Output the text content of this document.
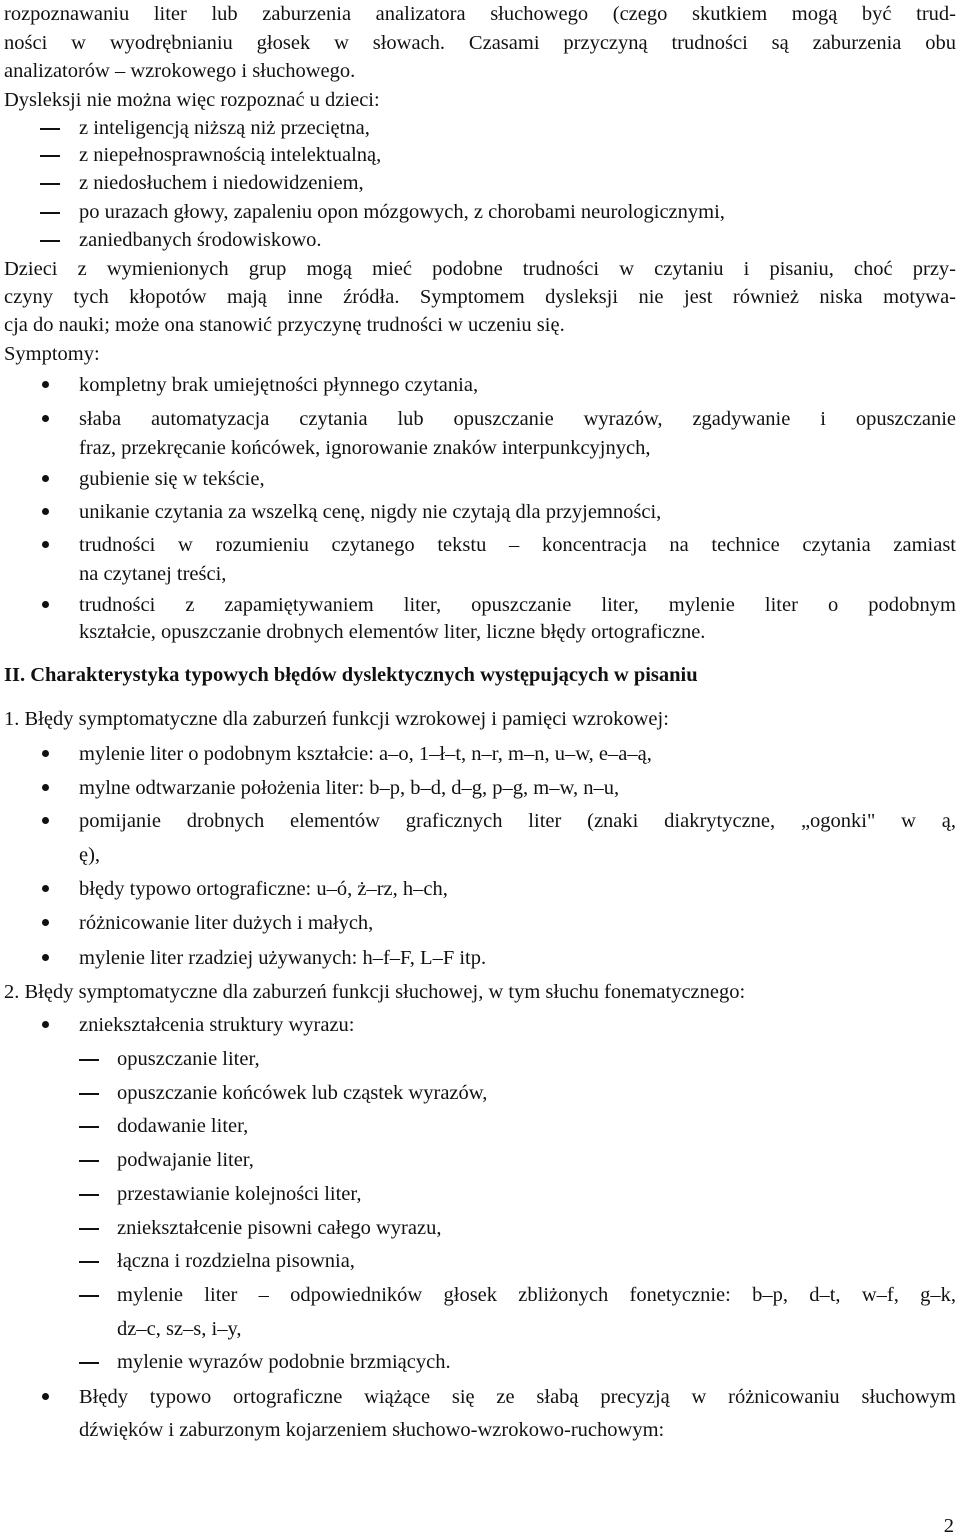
rozpoznawaniu liter lub zaburzenia analizatora słuchowego (czego skutkiem mogą być trud-
ności w wyodrębnianiu głosek w słowach. Czasami przyczyną trudności są zaburzenia obu
analizatorów – wzrokowego i słuchowego.
Dysleksji nie można więc rozpoznać u dzieci:
z inteligencją niższą niż przeciętna,
z niepełnosprawnością intelektualną,
z niedosłuchem i niedowidzeniem,
po urazach głowy, zapaleniu opon mózgowych, z chorobami neurologicznymi,
zaniedbanych środowiskowo.
Dzieci z wymienionych grup mogą mieć podobne trudności w czytaniu i pisaniu, choć przy-
czyny tych kłopotów mają inne źródła. Symptomem dysleksji nie jest również niska motywa-
cja do nauki; może ona stanowić przyczynę trudności w uczeniu się.
Symptomy:
kompletny brak umiejętności płynnego czytania,
słaba automatyzacja czytania lub opuszczanie wyrazów, zgadywanie i opuszczanie
fraz, przekręcanie końcówek, ignorowanie znaków interpunkcyjnych,
gubienie się w tekście,
unikanie czytania za wszelką cenę, nigdy nie czytają dla przyjemności,
trudności w rozumieniu czytanego tekstu – koncentracja na technice czytania zamiast
na czytanej treści,
trudności z zapamiętywaniem liter, opuszczanie liter, mylenie liter o podobnym
kształcie, opuszczanie drobnych elementów liter, liczne błędy ortograficzne.
II. Charakterystyka typowych błędów dyslektycznych występujących w pisaniu
1. Błędy symptomatyczne dla zaburzeń funkcji wzrokowej i pamięci wzrokowej:
mylenie liter o podobnym kształcie: a–o, 1–ł–t, n–r, m–n, u–w, e–a–ą,
mylne odtwarzanie położenia liter: b–p, b–d, d–g, p–g, m–w, n–u,
pomijanie drobnych elementów graficznych liter (znaki diakrytyczne, „ogonki" w ą,
ę),
błędy typowo ortograficzne: u–ó, ż–rz, h–ch,
różnicowanie liter dużych i małych,
mylenie liter rzadziej używanych: h–f–F, L–F itp.
2. Błędy symptomatyczne dla zaburzeń funkcji słuchowej, w tym słuchu fonematycznego:
zniekształcenia struktury wyrazu:
opuszczanie liter,
opuszczanie końcówek lub cząstek wyrazów,
dodawanie liter,
podwajanie liter,
przestawianie kolejności liter,
zniekształcenie pisowni całego wyrazu,
łączna i rozdzielna pisownia,
mylenie liter – odpowiedników głosek zbliżonych fonetycznie: b–p, d–t, w–f, g–k,
dz–c, sz–s, i–y,
mylenie wyrazów podobnie brzmiących.
Błędy typowo ortograficzne wiążące się ze słabą precyzją w różnicowaniu słuchowym
dźwięków i zaburzonym kojarzeniem słuchowo-wzrokowo-ruchowym:
2
